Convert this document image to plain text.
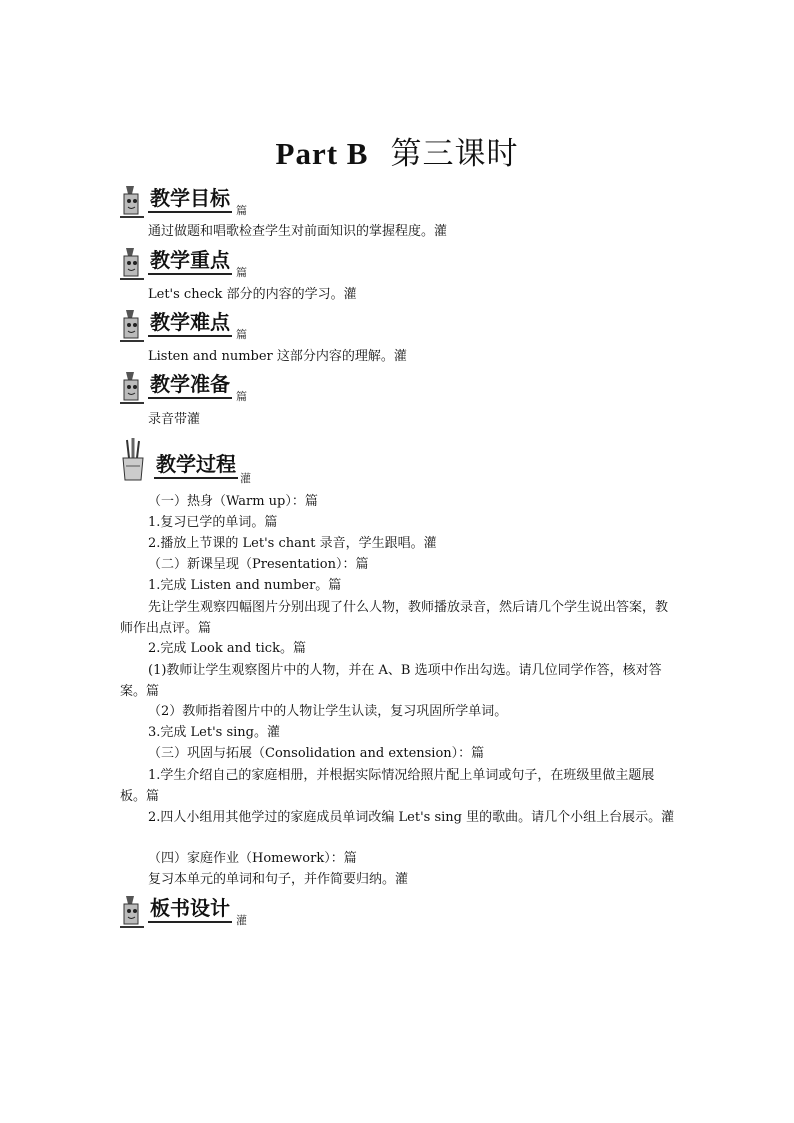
Part B 第三课时
教学目标
篇
通过做题和唱歌检查学生对前面知识的掌握程度。灌
教学重点
篇
Let's check 部分的内容的学习。灌
教学难点
篇
Listen and number 这部分内容的理解。灌
教学准备
篇
录音带灌
教学过程
灌
（一）热身（Warm up）：篇
1.复习已学的单词。篇
2.播放上节课的 Let's chant 录音，学生跟唱。灌
（二）新课呈现（Presentation）：篇
1.完成 Listen and number。篇
先让学生观察四幅图片分别出现了什么人物，教师播放录音，然后请几个学生说出答案，教师作出点评。篇
2.完成 Look and tick。篇
(1)教师让学生观察图片中的人物，并在 A、B 选项中作出勾选。请几位同学作答，核对答案。篇
（2）教师指着图片中的人物让学生认读，复习巩固所学单词。
3.完成 Let's sing。灌
（三）巩固与拓展（Consolidation and extension）：篇
1.学生介绍自己的家庭相册，并根据实际情况给照片配上单词或句子，在班级里做主题展板。篇
2.四人小组用其他学过的家庭成员单词改编 Let's sing 里的歌曲。请几个小组上台展示。灌
（四）家庭作业（Homework）：篇
复习本单元的单词和句子，并作简要归纳。灌
板书设计
灌
